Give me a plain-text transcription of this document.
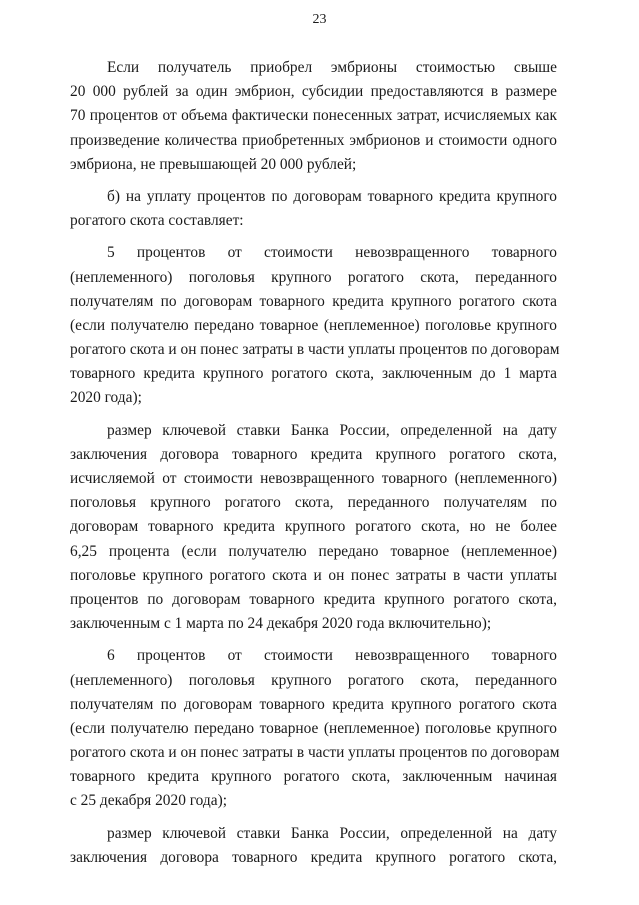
23
Если получатель приобрел эмбрионы стоимостью свыше
20 000 рублей за один эмбрион, субсидии предоставляются в размере
70 процентов от объема фактически понесенных затрат, исчисляемых как
произведение количества приобретенных эмбрионов и стоимости одного
эмбриона, не превышающей 20 000 рублей;
б) на уплату процентов по договорам товарного кредита крупного
рогатого скота составляет:
5 процентов от стоимости невозвращенного товарного
(неплеменного) поголовья крупного рогатого скота, переданного
получателям по договорам товарного кредита крупного рогатого скота
(если получателю передано товарное (неплеменное) поголовье крупного
рогатого скота и он понес затраты в части уплаты процентов по договорам
товарного кредита крупного рогатого скота, заключенным до 1 марта
2020 года);
размер ключевой ставки Банка России, определенной на дату
заключения договора товарного кредита крупного рогатого скота,
исчисляемой от стоимости невозвращенного товарного (неплеменного)
поголовья крупного рогатого скота, переданного получателям по
договорам товарного кредита крупного рогатого скота, но не более
6,25 процента (если получателю передано товарное (неплеменное)
поголовье крупного рогатого скота и он понес затраты в части уплаты
процентов по договорам товарного кредита крупного рогатого скота,
заключенным с 1 марта по 24 декабря 2020 года включительно);
6 процентов от стоимости невозвращенного товарного
(неплеменного) поголовья крупного рогатого скота, переданного
получателям по договорам товарного кредита крупного рогатого скота
(если получателю передано товарное (неплеменное) поголовье крупного
рогатого скота и он понес затраты в части уплаты процентов по договорам
товарного кредита крупного рогатого скота, заключенным начиная
с 25 декабря 2020 года);
размер ключевой ставки Банка России, определенной на дату
заключения договора товарного кредита крупного рогатого скота,
